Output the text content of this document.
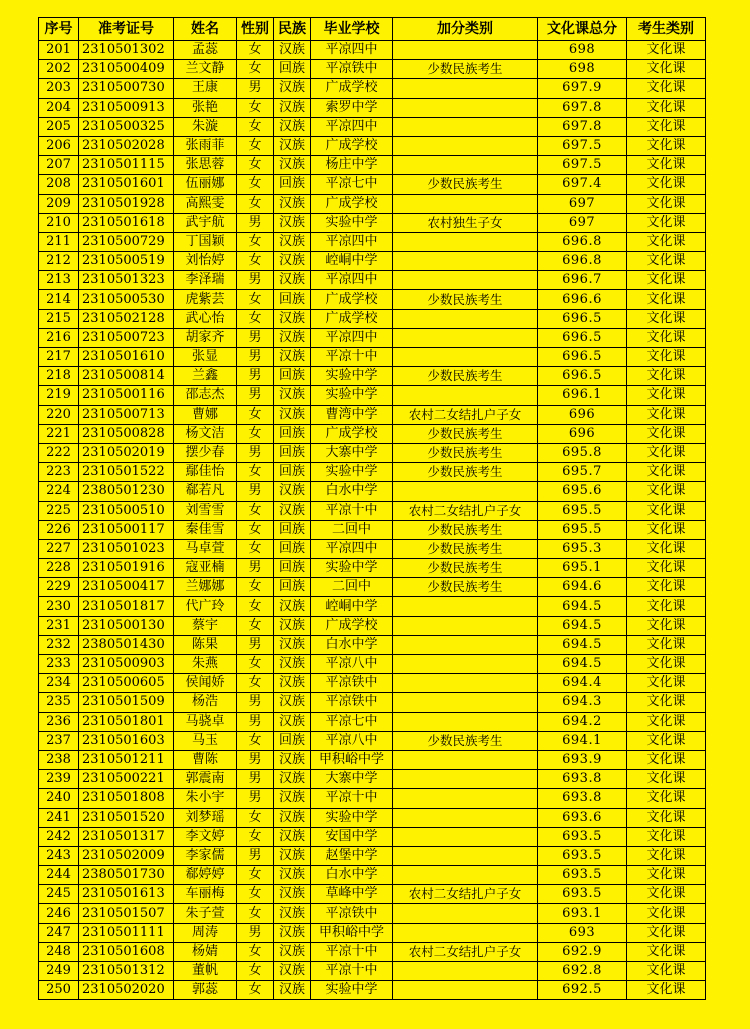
序号	准考证号	姓名	性别	民族	毕业学校	加分类别	文化课总分	考生类别
201	2310501302	孟蕊	女	汉族	平凉四中		698	文化课
202	2310500409	兰文静	女	回族	平凉铁中	少数民族考生	698	文化课
203	2310500730	王康	男	汉族	广成学校		697.9	文化课
204	2310500913	张艳	女	汉族	索罗中学		697.8	文化课
205	2310500325	朱漩	女	汉族	平凉四中		697.8	文化课
206	2310502028	张雨菲	女	汉族	广成学校		697.5	文化课
207	2310501115	张思蓉	女	汉族	杨庄中学		697.5	文化课
208	2310501601	伍丽娜	女	回族	平凉七中	少数民族考生	697.4	文化课
209	2310501928	高熙雯	女	汉族	广成学校		697	文化课
210	2310501618	武宇航	男	汉族	实验中学	农村独生子女	697	文化课
211	2310500729	丁国颖	女	汉族	平凉四中		696.8	文化课
212	2310500519	刘怡婷	女	汉族	崆峒中学		696.8	文化课
213	2310501323	李泽瑞	男	汉族	平凉四中		696.7	文化课
214	2310500530	虎紫芸	女	回族	广成学校	少数民族考生	696.6	文化课
215	2310502128	武心怡	女	汉族	广成学校		696.5	文化课
216	2310500723	胡家齐	男	汉族	平凉四中		696.5	文化课
217	2310501610	张显	男	汉族	平凉十中		696.5	文化课
218	2310500814	兰鑫	男	回族	实验中学	少数民族考生	696.5	文化课
219	2310500116	邵志杰	男	汉族	实验中学		696.1	文化课
220	2310500713	曹娜	女	汉族	曹湾中学	农村二女结扎户子女	696	文化课
221	2310500828	杨文洁	女	回族	广成学校	少数民族考生	696	文化课
222	2310502019	摆少春	男	回族	大寨中学	少数民族考生	695.8	文化课
223	2310501522	鄢佳怡	女	回族	实验中学	少数民族考生	695.7	文化课
224	2380501230	郗若凡	男	汉族	白水中学		695.6	文化课
225	2310500510	刘雪雪	女	汉族	平凉十中	农村二女结扎户子女	695.5	文化课
226	2310500117	秦佳雪	女	回族	二回中	少数民族考生	695.5	文化课
227	2310501023	马卓萱	女	回族	平凉四中	少数民族考生	695.3	文化课
228	2310501916	寇亚楠	男	回族	实验中学	少数民族考生	695.1	文化课
229	2310500417	兰娜娜	女	回族	二回中	少数民族考生	694.6	文化课
230	2310501817	代广玲	女	汉族	崆峒中学		694.5	文化课
231	2310500130	蔡宇	女	汉族	广成学校		694.5	文化课
232	2380501430	陈果	男	汉族	白水中学		694.5	文化课
233	2310500903	朱燕	女	汉族	平凉八中		694.5	文化课
234	2310500605	侯闻娇	女	汉族	平凉铁中		694.4	文化课
235	2310501509	杨浩	男	汉族	平凉铁中		694.3	文化课
236	2310501801	马骁卓	男	汉族	平凉七中		694.2	文化课
237	2310501603	马玉	女	回族	平凉八中	少数民族考生	694.1	文化课
238	2310501211	曹陈	男	汉族	甲积峪中学		693.9	文化课
239	2310500221	郭震南	男	汉族	大寨中学		693.8	文化课
240	2310501808	朱小宇	男	汉族	平凉十中		693.8	文化课
241	2310501520	刘梦瑶	女	汉族	实验中学		693.6	文化课
242	2310501317	李文婷	女	汉族	安国中学		693.5	文化课
243	2310502009	李家儒	男	汉族	赵堡中学		693.5	文化课
244	2380501730	郗婷婷	女	汉族	白水中学		693.5	文化课
245	2310501613	车丽梅	女	汉族	草峰中学	农村二女结扎户子女	693.5	文化课
246	2310501507	朱子萱	女	汉族	平凉铁中		693.1	文化课
247	2310501111	周涛	男	汉族	甲积峪中学		693	文化课
248	2310501608	杨婧	女	汉族	平凉十中	农村二女结扎户子女	692.9	文化课
249	2310501312	董帆	女	汉族	平凉十中		692.8	文化课
250	2310502020	郭蕊	女	汉族	实验中学		692.5	文化课
